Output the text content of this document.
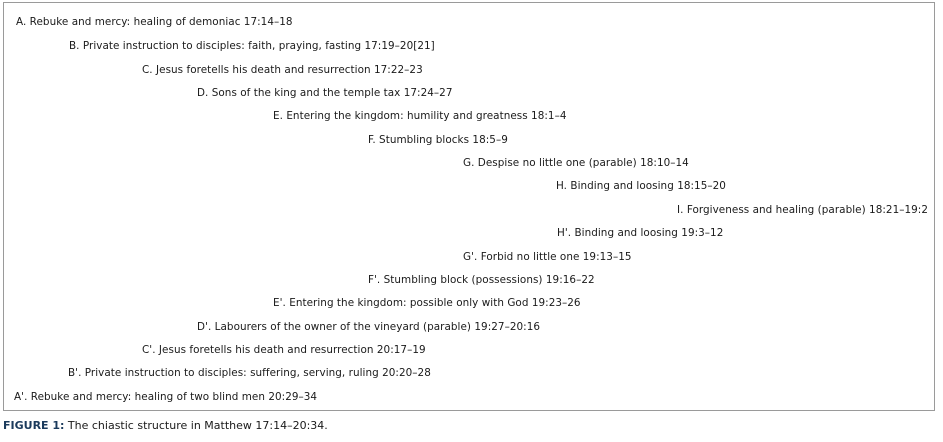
A. Rebuke and mercy: healing of demoniac 17:14–18
B. Private instruction to disciples: faith, praying, fasting 17:19–20[21]
C. Jesus foretells his death and resurrection 17:22–23
D. Sons of the king and the temple tax 17:24–27
E. Entering the kingdom: humility and greatness 18:1–4
F. Stumbling blocks 18:5–9
G. Despise no little one (parable) 18:10–14
H. Binding and loosing 18:15–20
I. Forgiveness and healing (parable) 18:21–19:2
H'. Binding and loosing 19:3–12
G'. Forbid no little one 19:13–15
F'. Stumbling block (possessions) 19:16–22
E'. Entering the kingdom: possible only with God 19:23–26
D'. Labourers of the owner of the vineyard (parable) 19:27–20:16
C'. Jesus foretells his death and resurrection 20:17–19
B'. Private instruction to disciples: suffering, serving, ruling 20:20–28
A'. Rebuke and mercy: healing of two blind men 20:29–34
FIGURE 1: The chiastic structure in Matthew 17:14–20:34.
